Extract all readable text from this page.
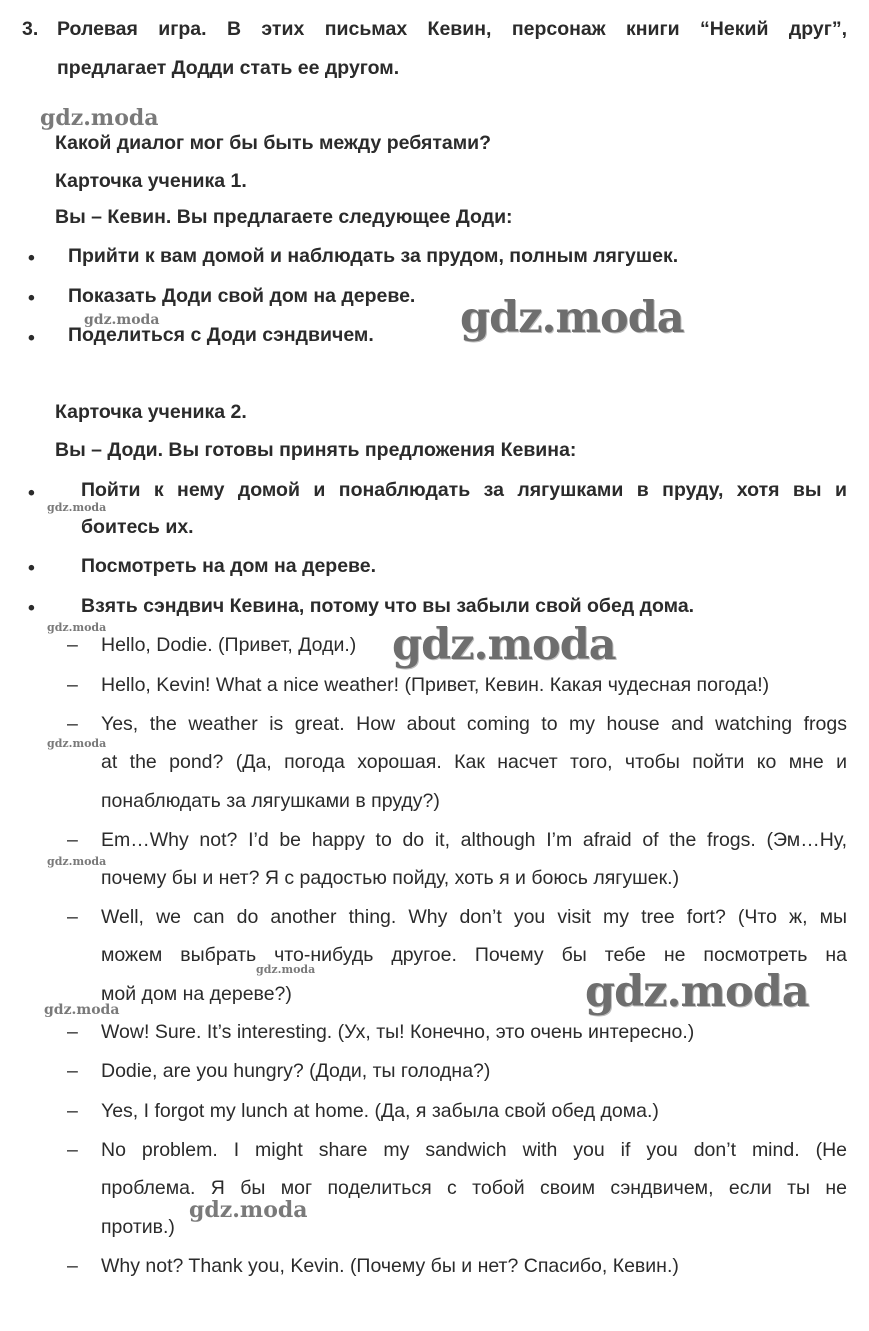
3. Ролевая игра. В этих письмах Кевин, персонаж книги “Некий друг”,
предлагает Додди стать ее другом.
gdz.moda
Какой диалог мог бы быть между ребятами?
Карточка ученика 1.
Вы – Кевин. Вы предлагаете следующее Доди:
• Прийти к вам домой и наблюдать за прудом, полным лягушек.
• Показать Доди свой дом на дереве.
gdz.moda	gdz.moda
• Поделиться с Доди сэндвичем.
Карточка ученика 2.
Вы – Доди. Вы готовы принять предложения Кевина:
• Пойти к нему домой и понаблюдать за лягушками в пруду, хотя вы и
gdz.moda
боитесь их.
• Посмотреть на дом на дереве.
• Взять сэндвич Кевина, потому что вы забыли свой обед дома.
gdz.moda
– Hello, Dodie. (Привет, Доди.) gdz.moda
– Hello, Kevin! What a nice weather! (Привет, Кевин. Какая чудесная погода!)
– Yes, the weather is great. How about coming to my house and watching frogs
gdz.moda
at the pond? (Да, погода хорошая. Как насчет того, чтобы пойти ко мне и
понаблюдать за лягушками в пруду?)
– Em…Why not? I’d be happy to do it, although I’m afraid of the frogs. (Эм…Ну,
gdz.moda
почему бы и нет? Я с радостью пойду, хоть я и боюсь лягушек.)
– Well, we can do another thing. Why don’t you visit my tree fort? (Что ж, мы
можем выбрать что-нибудь другое. Почему бы тебе не посмотреть на
gdz.moda
мой дом на дереве?)	gdz.moda
gdz.moda
– Wow! Sure. It’s interesting. (Ух, ты! Конечно, это очень интересно.)
– Dodie, are you hungry? (Доди, ты голодна?)
– Yes, I forgot my lunch at home. (Да, я забыла свой обед дома.)
– No problem. I might share my sandwich with you if you don’t mind. (Не
проблема. Я бы мог поделиться с тобой своим сэндвичем, если ты не
против.)
gdz.moda
– Why not? Thank you, Kevin. (Почему бы и нет? Спасибо, Кевин.)
